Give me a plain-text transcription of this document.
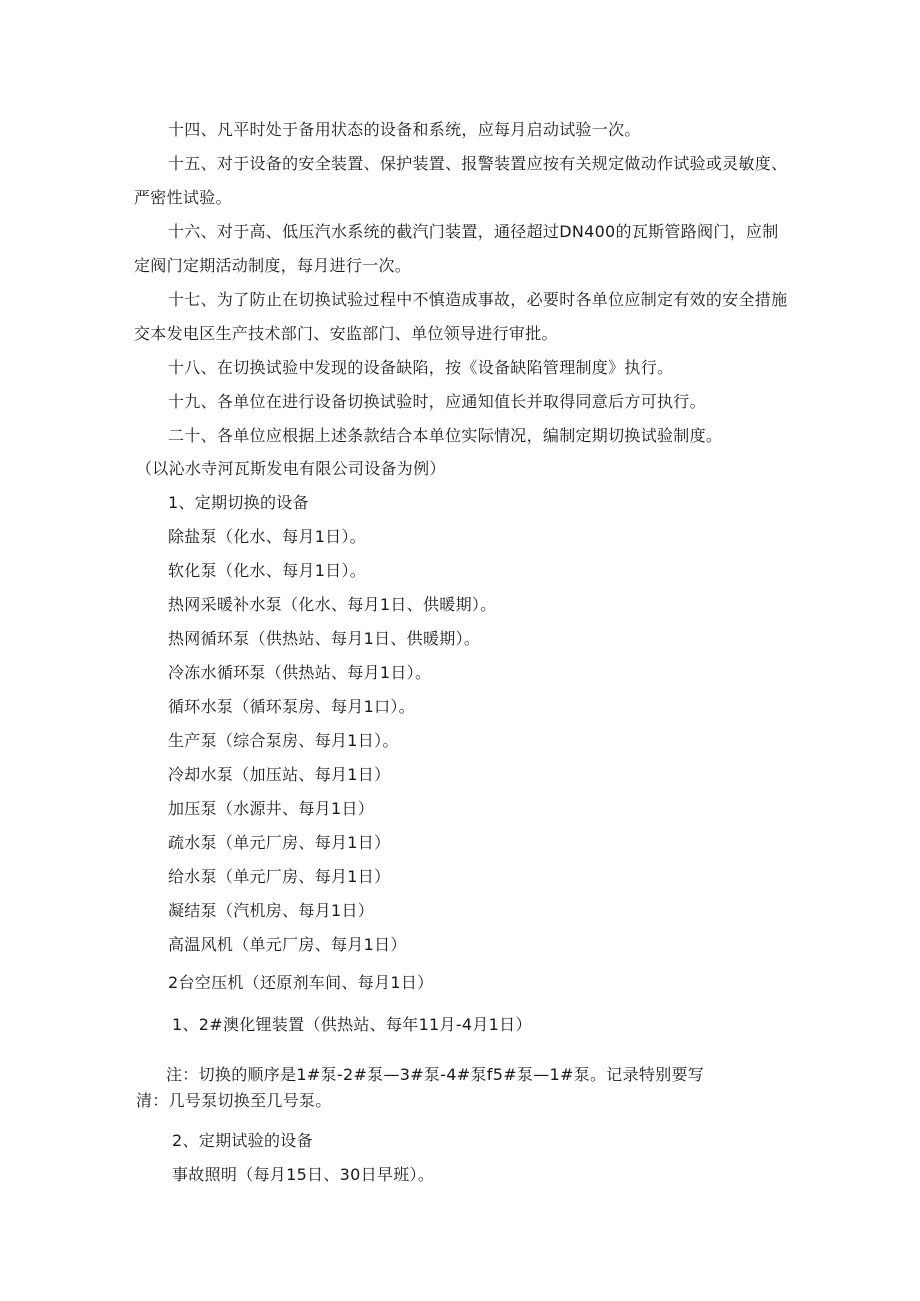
十四、凡平时处于备用状态的设备和系统，应每月启动试验一次。

十五、对于设备的安全装置、保护装置、报警装置应按有关规定做动作试验或灵敏度、严密性试验。

十六、对于高、低压汽水系统的截汽门装置，通径超过DN400的瓦斯管路阀门，应制定阀门定期活动制度，每月进行一次。

十七、为了防止在切换试验过程中不慎造成事故，必要时各单位应制定有效的安全措施交本发电区生产技术部门、安监部门、单位领导进行审批。

十八、在切换试验中发现的设备缺陷，按《设备缺陷管理制度》执行。

十九、各单位在进行设备切换试验时，应通知值长并取得同意后方可执行。

二十、各单位应根据上述条款结合本单位实际情况，编制定期切换试验制度。

（以沁水寺河瓦斯发电有限公司设备为例）

1、定期切换的设备

除盐泵（化水、每月1日）。

软化泵（化水、每月1日）。

热网采暖补水泵（化水、每月1日、供暖期）。

热网循环泵（供热站、每月1日、供暖期）。

冷冻水循环泵（供热站、每月1日）。

循环水泵（循环泵房、每月1口）。

生产泵（综合泵房、每月1日）。

冷却水泵（加压站、每月1日）

加压泵（水源井、每月1日）

疏水泵（单元厂房、每月1日）

给水泵（单元厂房、每月1日）

凝结泵（汽机房、每月1日）

高温风机（单元厂房、每月1日）

2台空压机（还原剂车间、每月1日）

1、2#澳化锂装置（供热站、每年11月-4月1日）

注：切换的顺序是1#泵-2#泵—3#泵-4#泵f5#泵—1#泵。记录特别要写

清：几号泵切换至几号泵。

2、定期试验的设备

事故照明（每月15日、30日早班）。
